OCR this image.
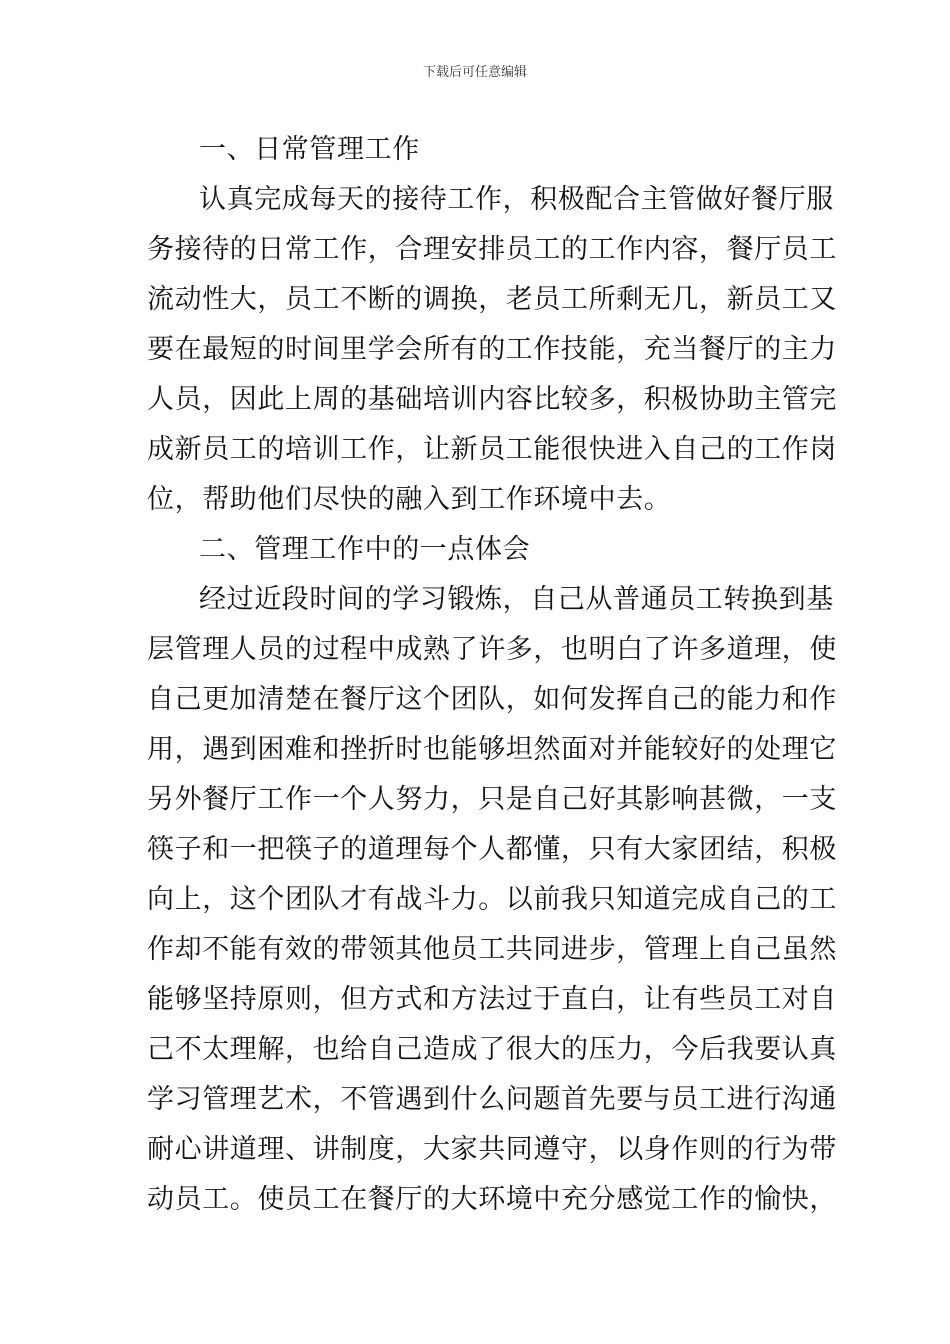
下载后可任意编辑
一、日常管理工作
认真完成每天的接待工作，积极配合主管做好餐厅服
务接待的日常工作，合理安排员工的工作内容，餐厅员工
流动性大，员工不断的调换，老员工所剩无几，新员工又
要在最短的时间里学会所有的工作技能，充当餐厅的主力
人员，因此上周的基础培训内容比较多，积极协助主管完
成新员工的培训工作，让新员工能很快进入自己的工作岗
位，帮助他们尽快的融入到工作环境中去。
二、管理工作中的一点体会
经过近段时间的学习锻炼，自己从普通员工转换到基
层管理人员的过程中成熟了许多，也明白了许多道理，使
自己更加清楚在餐厅这个团队，如何发挥自己的能力和作
用，遇到困难和挫折时也能够坦然面对并能较好的处理它
另外餐厅工作一个人努力，只是自己好其影响甚微，一支
筷子和一把筷子的道理每个人都懂，只有大家团结，积极
向上，这个团队才有战斗力。以前我只知道完成自己的工
作却不能有效的带领其他员工共同进步，管理上自己虽然
能够坚持原则，但方式和方法过于直白，让有些员工对自
己不太理解，也给自己造成了很大的压力，今后我要认真
学习管理艺术，不管遇到什么问题首先要与员工进行沟通
耐心讲道理、讲制度，大家共同遵守，以身作则的行为带
动员工。使员工在餐厅的大环境中充分感觉工作的愉快，
